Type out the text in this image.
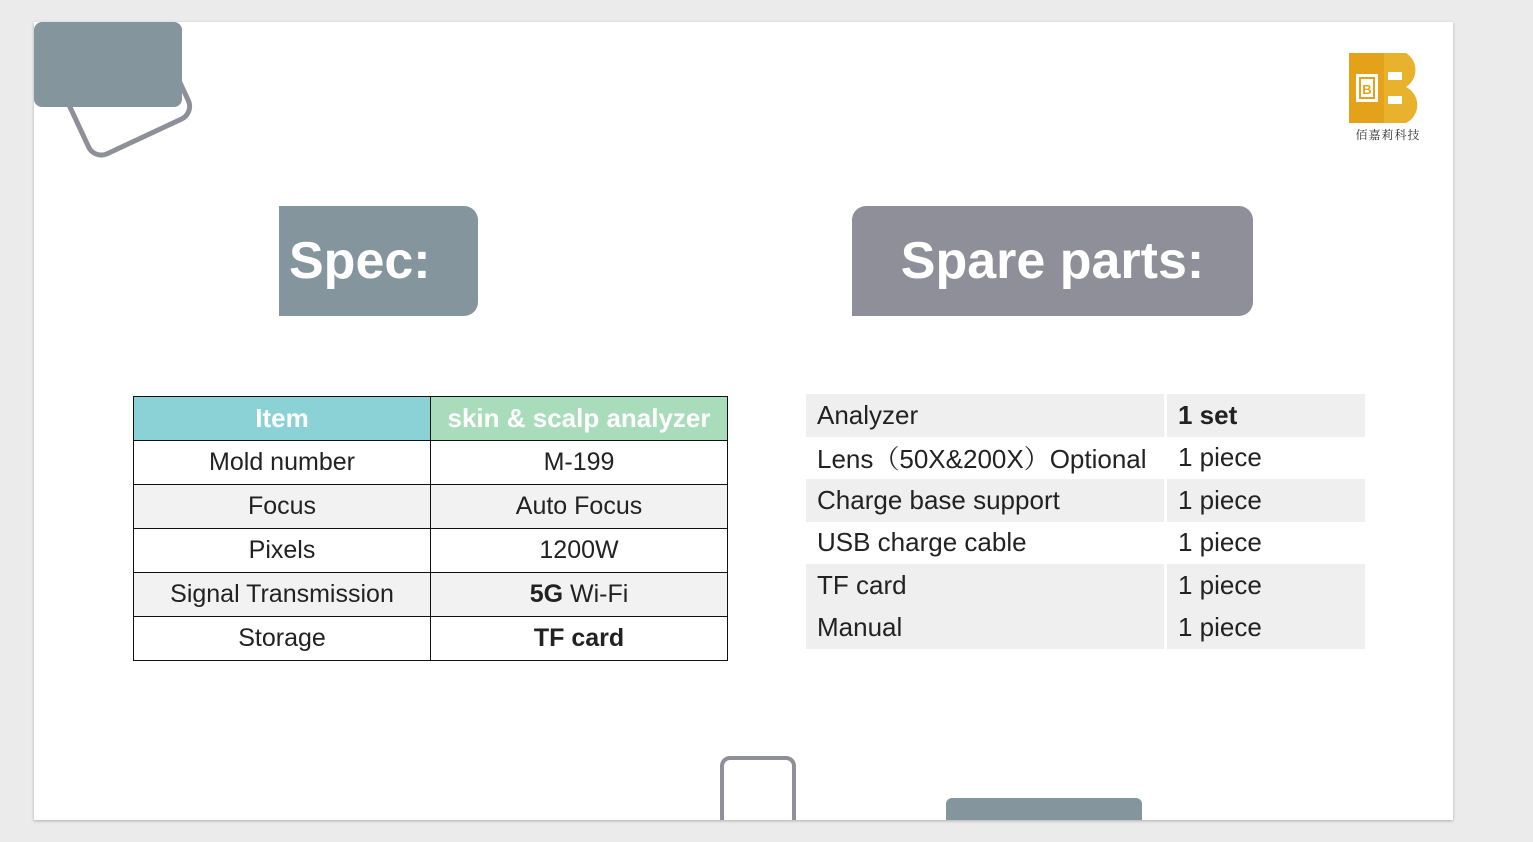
B
佰嘉莉科技
Spec:	Spare parts:
Item	skin & scalp analyzer
Mold number	M-199
Focus	Auto Focus
Pixels	1200W
Signal Transmission	5G Wi-Fi
Storage	TF card
Analyzer	1 set
Lens（50X&200X）Optional	1 piece
Charge base support	1 piece
USB charge cable	1 piece
TF card	1 piece
Manual	1 piece
